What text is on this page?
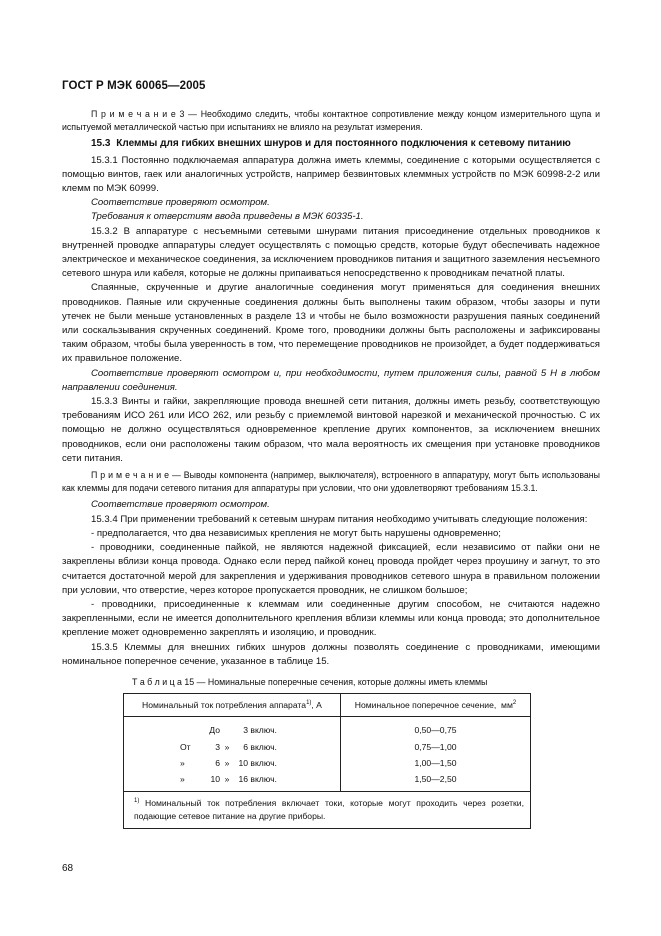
ГОСТ Р МЭК 60065—2005

П р и м е ч а н и е 3 — Необходимо следить, чтобы контактное сопротивление между концом измерительного щупа и испытуемой металлической частью при испытаниях не влияло на результат измерения.

15.3 Клеммы для гибких внешних шнуров и для постоянного подключения к сетевому питанию

15.3.1 Постоянно подключаемая аппаратура должна иметь клеммы, соединение с которыми осуществляется с помощью винтов, гаек или аналогичных устройств, например безвинтовых клеммных устройств по МЭК 60998-2-2 или клемм по МЭК 60999.

Соответствие проверяют осмотром.

Требования к отверстиям ввода приведены в МЭК 60335-1.

15.3.2 В аппаратуре с несъемными сетевыми шнурами питания присоединение отдельных проводников к внутренней проводке аппаратуры следует осуществлять с помощью средств, которые будут обеспечивать надежное электрическое и механическое соединения, за исключением проводников питания и защитного заземления несъемного сетевого шнура или кабеля, которые не должны припаиваться непосредственно к проводникам печатной платы.

Спаянные, скрученные и другие аналогичные соединения могут применяться для соединения внешних проводников. Паяные или скрученные соединения должны быть выполнены таким образом, чтобы зазоры и пути утечек не были меньше установленных в разделе 13 и чтобы не было возможности разрушения паяных соединений или соскальзывания скрученных соединений. Кроме того, проводники должны быть расположены и зафиксированы таким образом, чтобы была уверенность в том, что перемещение проводников не произойдет, а будет поддерживаться их правильное положение.

Соответствие проверяют осмотром и, при необходимости, путем приложения силы, равной 5 Н в любом направлении соединения.

15.3.3 Винты и гайки, закрепляющие провода внешней сети питания, должны иметь резьбу, соответствующую требованиям ИСО 261 или ИСО 262, или резьбу с приемлемой винтовой нарезкой и механической прочностью. С их помощью не должно осуществляться одновременное крепление других компонентов, за исключением внешних проводников, если они расположены таким образом, что мала вероятность их смещения при установке проводников сети питания.

П р и м е ч а н и е — Выводы компонента (например, выключателя), встроенного в аппаратуру, могут быть использованы как клеммы для подачи сетевого питания для аппаратуры при условии, что они удовлетворяют требованиям 15.3.1.

Соответствие проверяют осмотром.

15.3.4 При применении требований к сетевым шнурам питания необходимо учитывать следующие положения:

- предполагается, что два независимых крепления не могут быть нарушены одновременно;

- проводники, соединенные пайкой, не являются надежной фиксацией, если независимо от пайки они не закреплены вблизи конца провода. Однако если перед пайкой конец провода пройдет через проушину и загнут, то это считается достаточной мерой для закрепления и удерживания проводников сетевого шнура в правильном положении при условии, что отверстие, через которое пропускается проводник, не слишком большое;

- проводники, присоединенные к клеммам или соединенные другим способом, не считаются надежно закрепленными, если не имеется дополнительного крепления вблизи клеммы или конца провода; это дополнительное крепление может одновременно закреплять и изоляцию, и проводник.

15.3.5 Клеммы для внешних гибких шнуров должны позволять соединение с проводниками, имеющими номинальное поперечное сечение, указанное в таблице 15.

Т а б л и ц а 15 — Номинальные поперечные сечения, которые должны иметь клеммы

Номинальный ток потребления аппарата$^{1)}$, А	Номинальное поперечное сечение, $мм^2$
До 3 включ.	0,50—0,75
От 3 » 6 включ.	0,75—1,00
» 6 » 10 включ.	1,00—1,50
» 10 » 16 включ.	1,50—2,50
$^{1)}$ Номинальный ток потребления включает токи, которые могут проходить через розетки, подающие сетевое питание на другие приборы.	
68
